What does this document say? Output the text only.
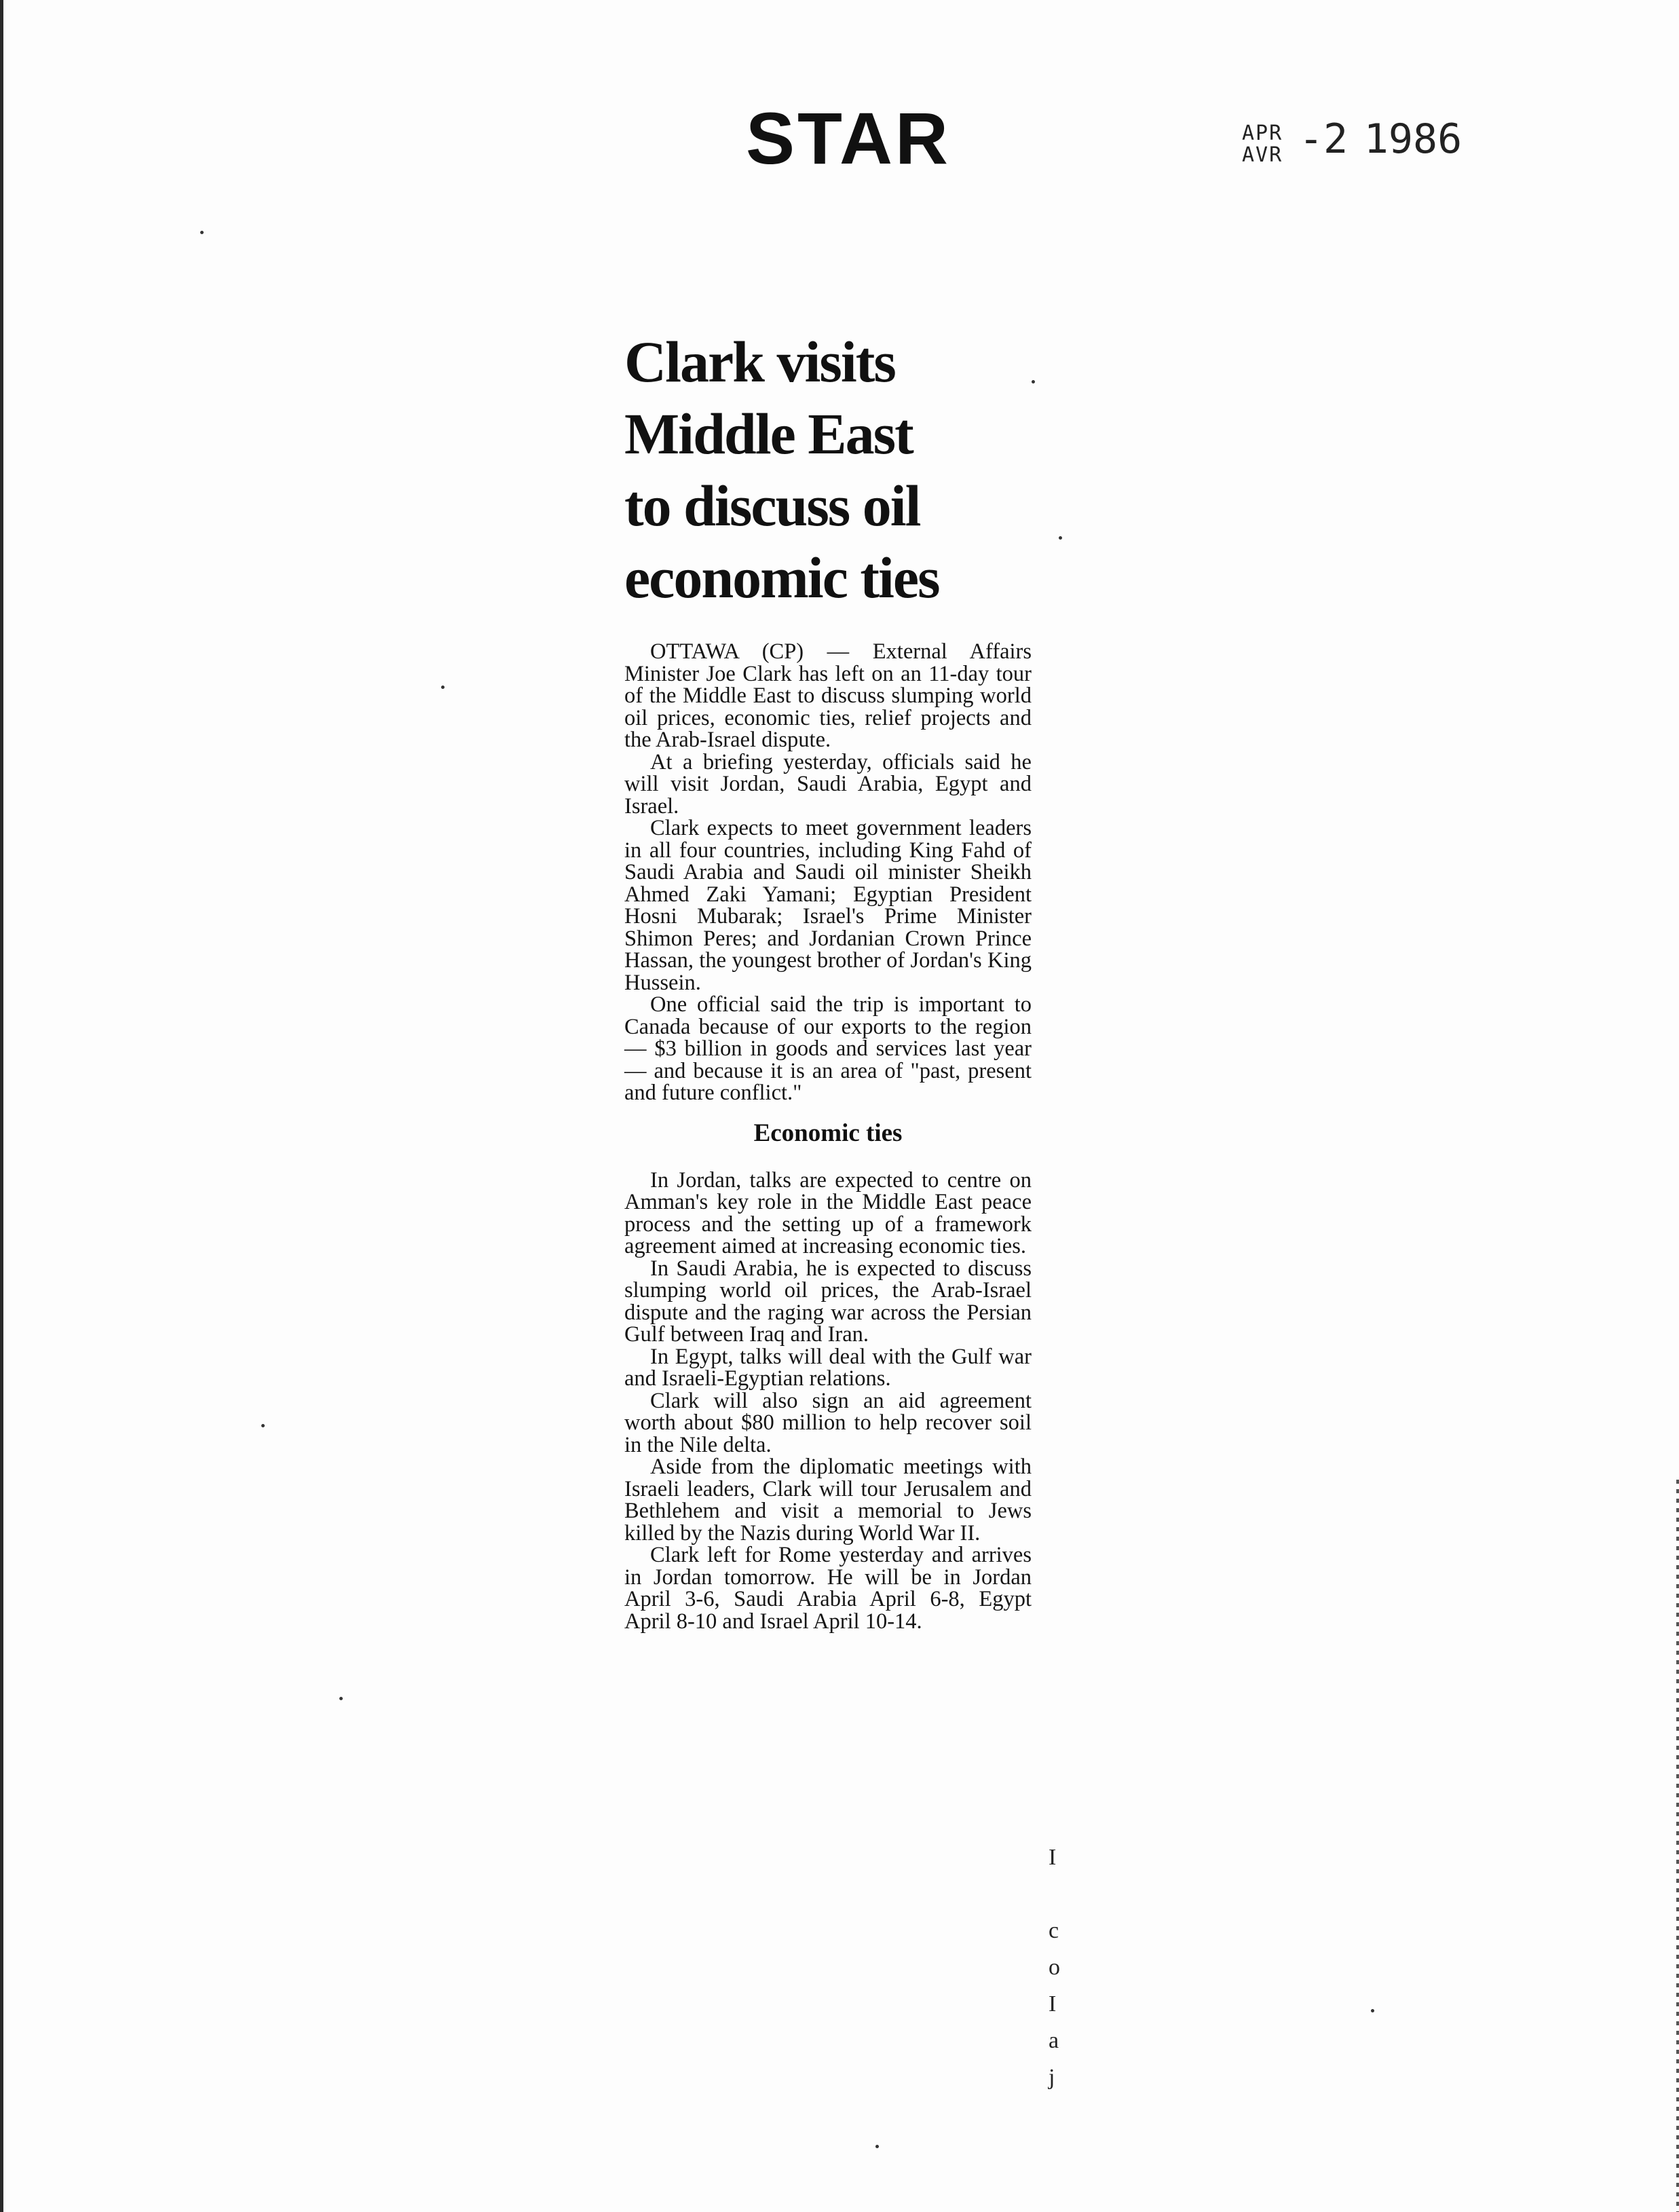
STAR	APR
AVR -2 1986
Clark visits
Middle East
to discuss oil
economic ties

OTTAWA (CP) — External Affairs Minister Joe Clark has left on an 11-day tour of the Middle East to discuss slumping world oil prices, economic ties, relief projects and the Arab-Israel dispute.

At a briefing yesterday, officials said he will visit Jordan, Saudi Arabia, Egypt and Israel.

Clark expects to meet government leaders in all four countries, including King Fahd of Saudi Arabia and Saudi oil minister Sheikh Ahmed Zaki Yamani; Egyptian President Hosni Mubarak; Israel's Prime Minister Shimon Peres; and Jordanian Crown Prince Hassan, the youngest brother of Jordan's King Hussein.

One official said the trip is important to Canada because of our exports to the region — $3 billion in goods and services last year — and because it is an area of "past, present and future conflict."

Economic ties

In Jordan, talks are expected to centre on Amman's key role in the Middle East peace process and the setting up of a framework agreement aimed at increasing economic ties.

In Saudi Arabia, he is expected to discuss slumping world oil prices, the Arab-Israel dispute and the raging war across the Persian Gulf between Iraq and Iran.

In Egypt, talks will deal with the Gulf war and Israeli-Egyptian relations.

Clark will also sign an aid agreement worth about $80 million to help recover soil in the Nile delta.

Aside from the diplomatic meetings with Israeli leaders, Clark will tour Jerusalem and Bethlehem and visit a memorial to Jews killed by the Nazis during World War II.

Clark left for Rome yesterday and arrives in Jordan tomorrow. He will be in Jordan April 3-6, Saudi Arabia April 6-8, Egypt April 8-10 and Israel April 10-14.

I
c
o
I
a
j
